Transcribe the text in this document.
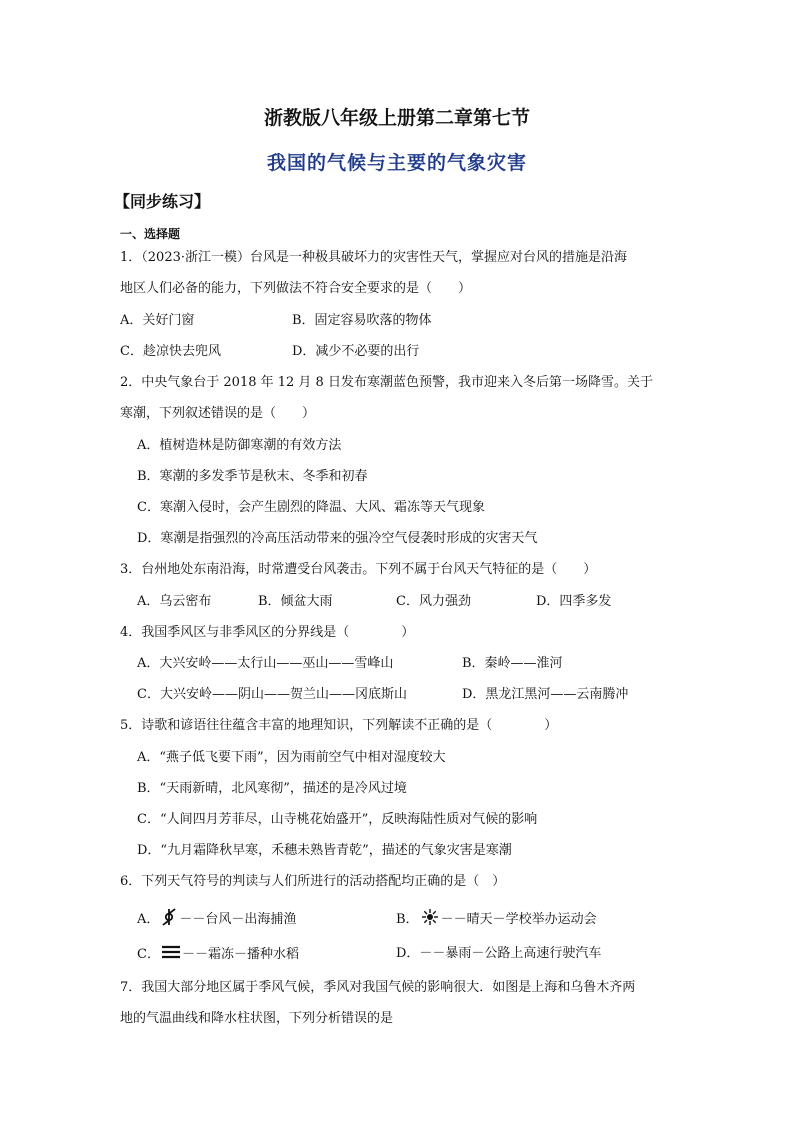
浙教版八年级上册第二章第七节
我国的气候与主要的气象灾害
【同步练习】
一、选择题
1．（2023·浙江一模）台风是一种极具破坏力的灾害性天气，掌握应对台风的措施是沿海
地区人们必备的能力，下列做法不符合安全要求的是（　　）
A．关好门窗	B．固定容易吹落的物体
C．趁凉快去兜风	D．减少不必要的出行
2．中央气象台于 2018 年 12 月 8 日发布寒潮蓝色预警，我市迎来入冬后第一场降雪。关于
寒潮，下列叙述错误的是（　　）
A．植树造林是防御寒潮的有效方法
B．寒潮的多发季节是秋末、冬季和初春
C．寒潮入侵时，会产生剧烈的降温、大风、霜冻等天气现象
D．寒潮是指强烈的冷高压活动带来的强冷空气侵袭时形成的灾害天气
3．台州地处东南沿海，时常遭受台风袭击。下列不属于台风天气特征的是（　　）
A．乌云密布	B．倾盆大雨	C．风力强劲	D．四季多发
4．我国季风区与非季风区的分界线是（　　　　）
A．大兴安岭——太行山——巫山——雪峰山	B．秦岭——淮河
C．大兴安岭——阴山——贺兰山——冈底斯山	D．黑龙江黑河——云南腾冲
5．诗歌和谚语往往蕴含丰富的地理知识，下列解读不正确的是（　　　　）
A．“燕子低飞要下雨”，因为雨前空气中相对湿度较大
B．“天雨新晴，北风寒彻”，描述的是冷风过境
C．“人间四月芳菲尽，山寺桃花始盛开”，反映海陆性质对气候的影响
D．“九月霜降秋早寒，禾穗未熟皆青乾”，描述的气象灾害是寒潮
6．下列天气符号的判读与人们所进行的活动搭配均正确的是（　）
A． －－台风－出海捕渔	B． －－晴天－学校举办运动会
C． －－霜冻－播种水稻	D．－－暴雨－公路上高速行驶汽车
7．我国大部分地区属于季风气候，季风对我国气候的影响很大．如图是上海和乌鲁木齐两
地的气温曲线和降水柱状图，下列分析错误的是
